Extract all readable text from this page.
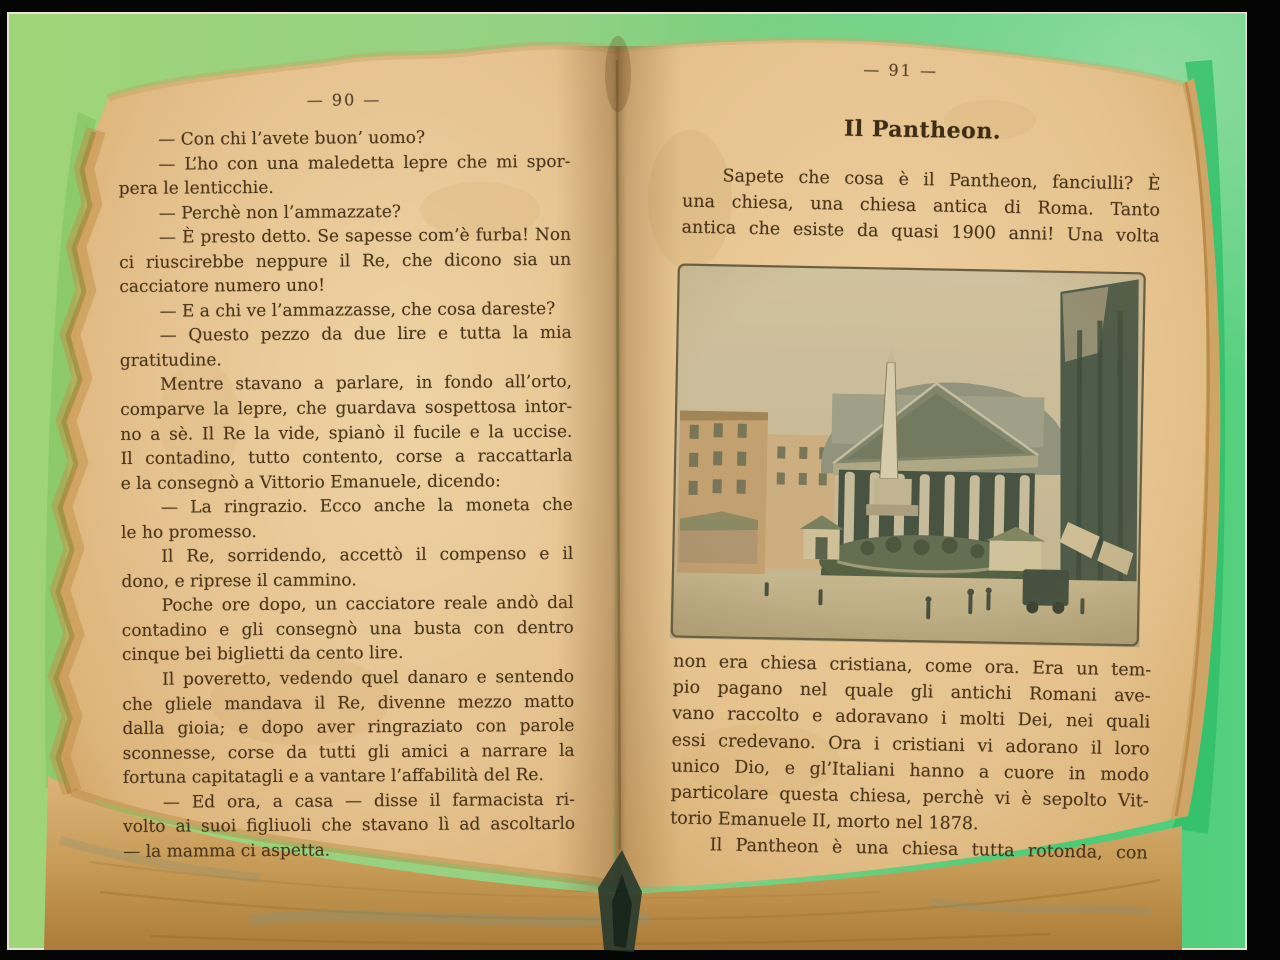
— 90 —
— Con chi l’avete buon’ uomo?
— L’ho con una maledetta lepre che mi spor-
pera le lenticchie.
— Perchè non l’ammazzate?
— È presto detto. Se sapesse com’è furba! Non
ci riuscirebbe neppure il Re, che dicono sia un
cacciatore numero uno!
— E a chi ve l’ammazzasse, che cosa dareste?
— Questo pezzo da due lire e tutta la mia
gratitudine.
Mentre stavano a parlare, in fondo all’orto,
comparve la lepre, che guardava sospettosa intor-
no a sè. Il Re la vide, spianò il fucile e la uccise.
Il contadino, tutto contento, corse a raccattarla
e la consegnò a Vittorio Emanuele, dicendo:
— La ringrazio. Ecco anche la moneta che
le ho promesso.
Il Re, sorridendo, accettò il compenso e il
dono, e riprese il cammino.
Poche ore dopo, un cacciatore reale andò dal
contadino e gli consegnò una busta con dentro
cinque bei biglietti da cento lire.
Il poveretto, vedendo quel danaro e sentendo
che gliele mandava il Re, divenne mezzo matto
dalla gioia; e dopo aver ringraziato con parole
sconnesse, corse da tutti gli amici a narrare la
fortuna capitatagli e a vantare l’affabilità del Re.
— Ed ora, a casa — disse il farmacista ri-
volto ai suoi figliuoli che stavano lì ad ascoltarlo
— la mamma ci aspetta.
— 91 —
Il Pantheon.
Sapete che cosa è il Pantheon, fanciulli? È
una chiesa, una chiesa antica di Roma. Tanto
antica che esiste da quasi 1900 anni! Una volta
non era chiesa cristiana, come ora. Era un tem-
pio pagano nel quale gli antichi Romani ave-
vano raccolto e adoravano i molti Dei, nei quali
essi credevano. Ora i cristiani vi adorano il loro
unico Dio, e gl’Italiani hanno a cuore in modo
particolare questa chiesa, perchè vi è sepolto Vit-
torio Emanuele II, morto nel 1878.
Il Pantheon è una chiesa tutta rotonda, con
